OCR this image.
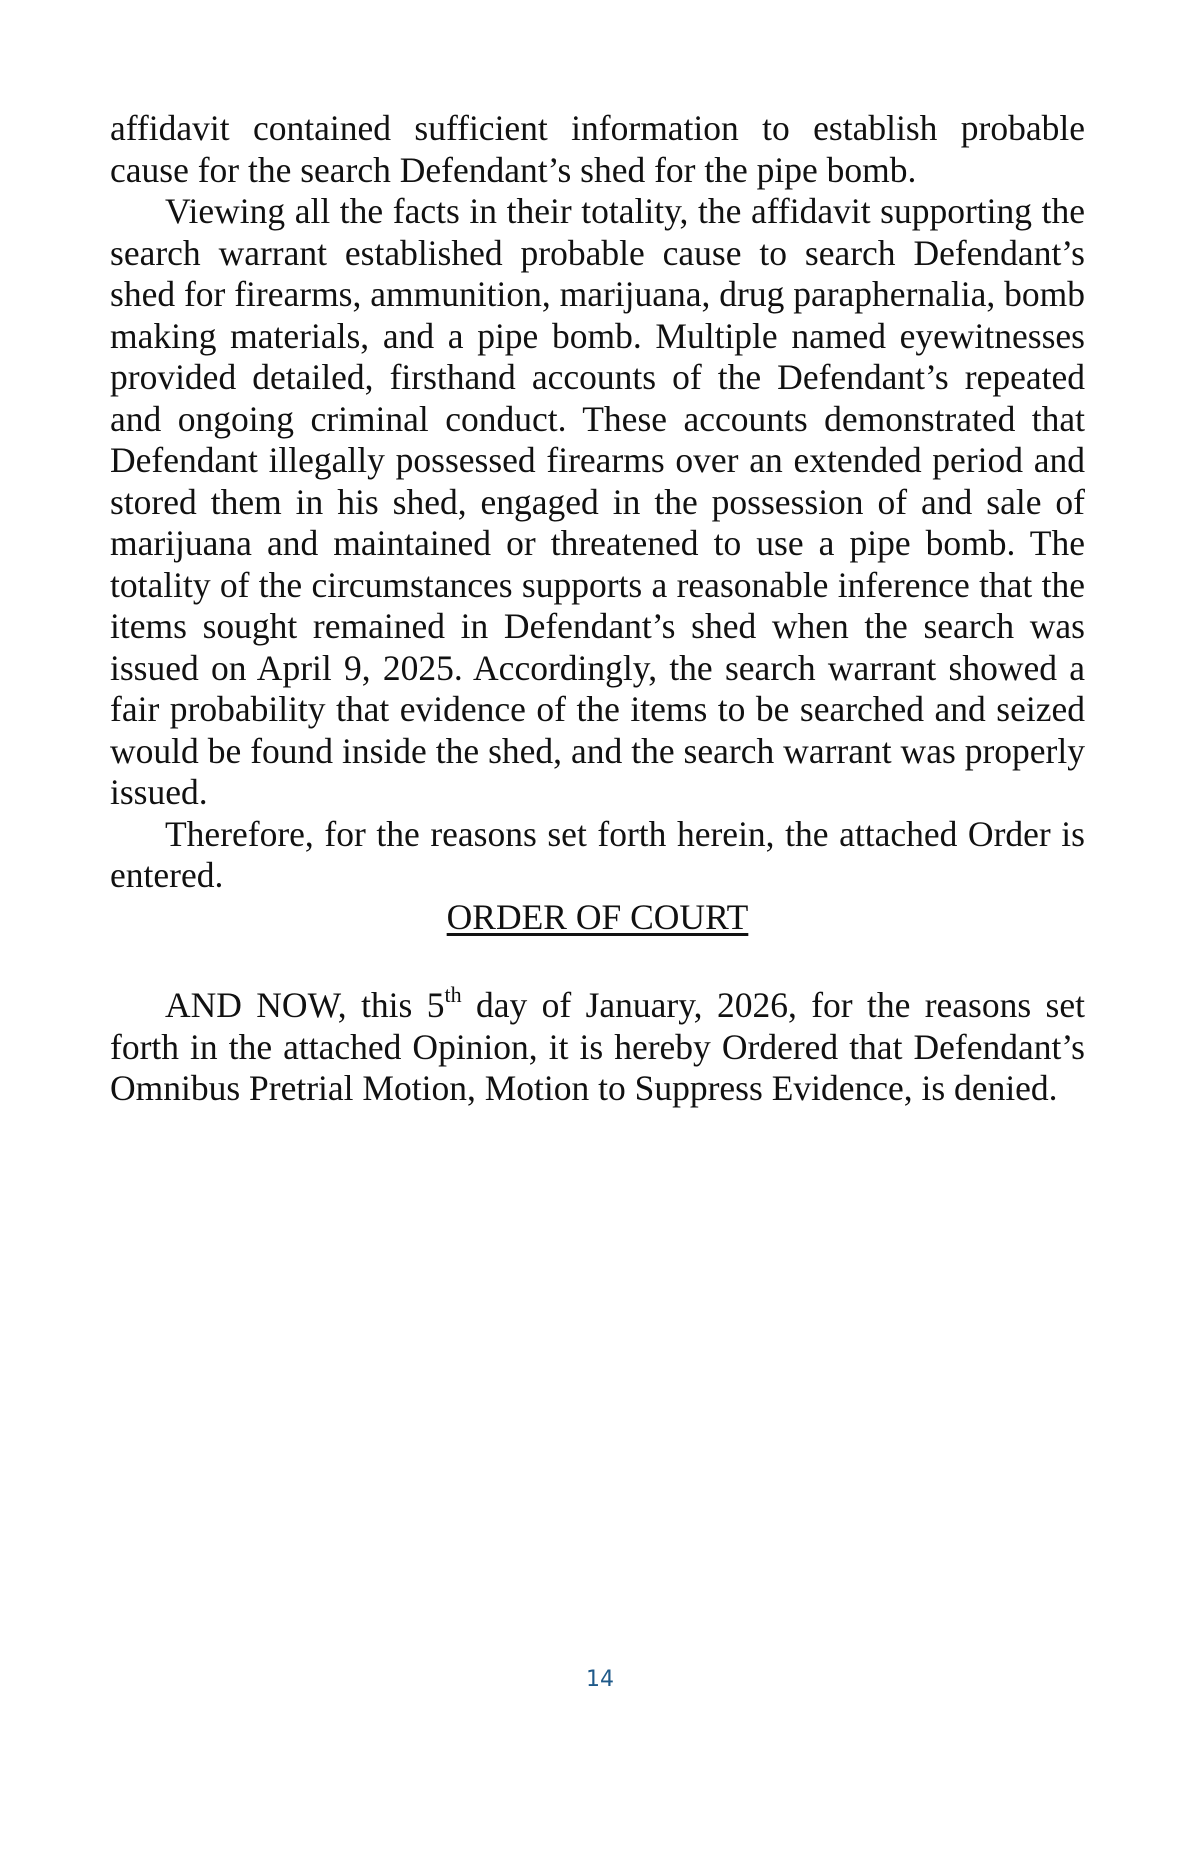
affidavit contained sufficient information to establish probable cause for the search Defendant’s shed for the pipe bomb.

Viewing all the facts in their totality, the affidavit supporting the search warrant established probable cause to search Defendant’s shed for firearms, ammunition, marijuana, drug paraphernalia, bomb making materials, and a pipe bomb. Multiple named eyewitnesses provided detailed, firsthand accounts of the Defendant’s repeated and ongoing criminal conduct. These accounts demonstrated that Defendant illegally possessed firearms over an extended period and stored them in his shed, engaged in the possession of and sale of marijuana and maintained or threatened to use a pipe bomb. The totality of the circumstances supports a reasonable inference that the items sought remained in Defendant’s shed when the search was issued on April 9, 2025. Accordingly, the search warrant showed a fair probability that evidence of the items to be searched and seized would be found inside the shed, and the search warrant was properly issued.

Therefore, for the reasons set forth herein, the attached Order is entered.

ORDER OF COURT

AND NOW, this 5th day of January, 2026, for the reasons set forth in the attached Opinion, it is hereby Ordered that Defendant’s Omnibus Pretrial Motion, Motion to Suppress Evidence, is denied.

14
